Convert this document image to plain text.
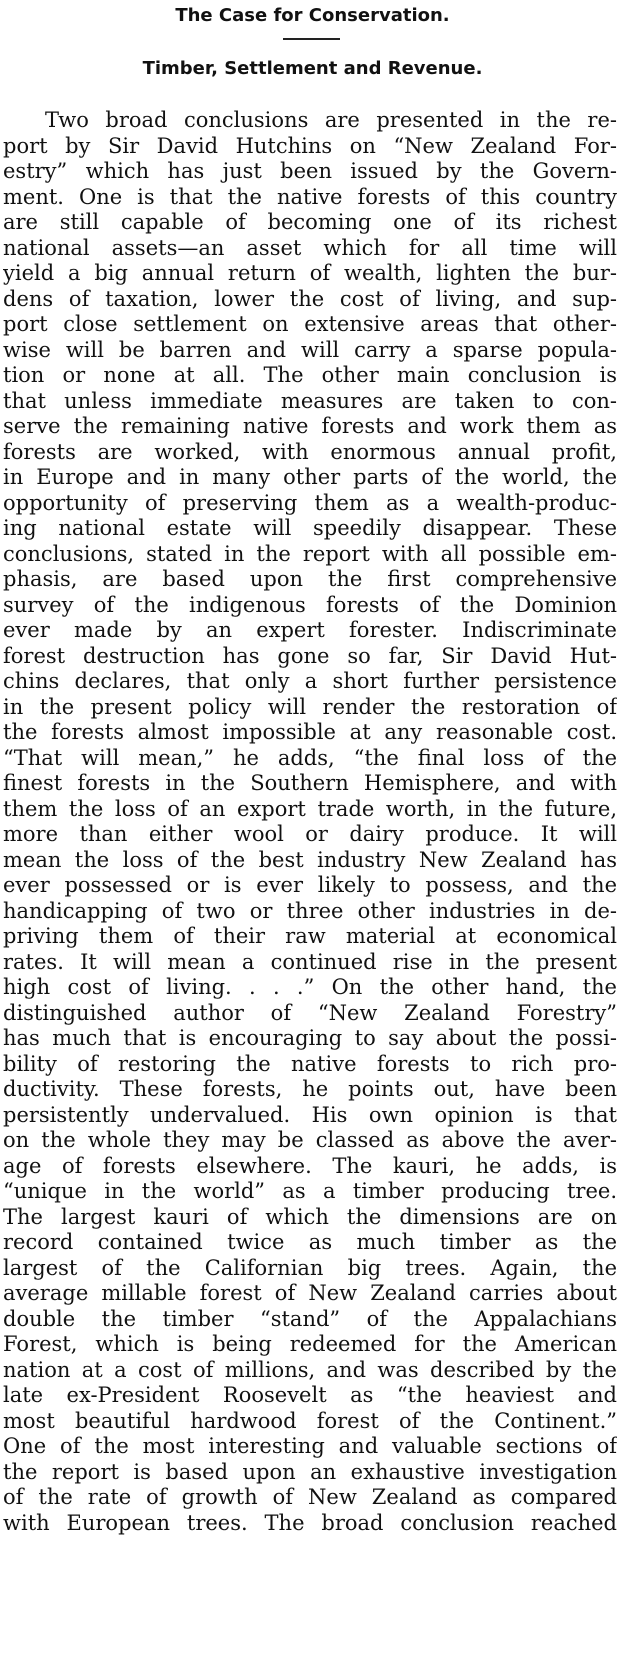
The Case for Conservation.
Timber, Settlement and Revenue.
Two broad conclusions are presented in the re-
port by Sir David Hutchins on “New Zealand For-
estry” which has just been issued by the Govern-
ment. One is that the native forests of this country
are still capable of becoming one of its richest
national assets—an asset which for all time will
yield a big annual return of wealth, lighten the bur-
dens of taxation, lower the cost of living, and sup-
port close settlement on extensive areas that other-
wise will be barren and will carry a sparse popula-
tion or none at all. The other main conclusion is
that unless immediate measures are taken to con-
serve the remaining native forests and work them as
forests are worked, with enormous annual profit,
in Europe and in many other parts of the world, the
opportunity of preserving them as a wealth-produc-
ing national estate will speedily disappear. These
conclusions, stated in the report with all possible em-
phasis, are based upon the first comprehensive
survey of the indigenous forests of the Dominion
ever made by an expert forester. Indiscriminate
forest destruction has gone so far, Sir David Hut-
chins declares, that only a short further persistence
in the present policy will render the restoration of
the forests almost impossible at any reasonable cost.
“That will mean,” he adds, “the final loss of the
finest forests in the Southern Hemisphere, and with
them the loss of an export trade worth, in the future,
more than either wool or dairy produce. It will
mean the loss of the best industry New Zealand has
ever possessed or is ever likely to possess, and the
handicapping of two or three other industries in de-
priving them of their raw material at economical
rates. It will mean a continued rise in the present
high cost of living. . . .” On the other hand, the
distinguished author of “New Zealand Forestry”
has much that is encouraging to say about the possi-
bility of restoring the native forests to rich pro-
ductivity. These forests, he points out, have been
persistently undervalued. His own opinion is that
on the whole they may be classed as above the aver-
age of forests elsewhere. The kauri, he adds, is
“unique in the world” as a timber producing tree.
The largest kauri of which the dimensions are on
record contained twice as much timber as the
largest of the Californian big trees. Again, the
average millable forest of New Zealand carries about
double the timber “stand” of the Appalachians
Forest, which is being redeemed for the American
nation at a cost of millions, and was described by the
late ex-President Roosevelt as “the heaviest and
most beautiful hardwood forest of the Continent.”
One of the most interesting and valuable sections of
the report is based upon an exhaustive investigation
of the rate of growth of New Zealand as compared
with European trees. The broad conclusion reached
